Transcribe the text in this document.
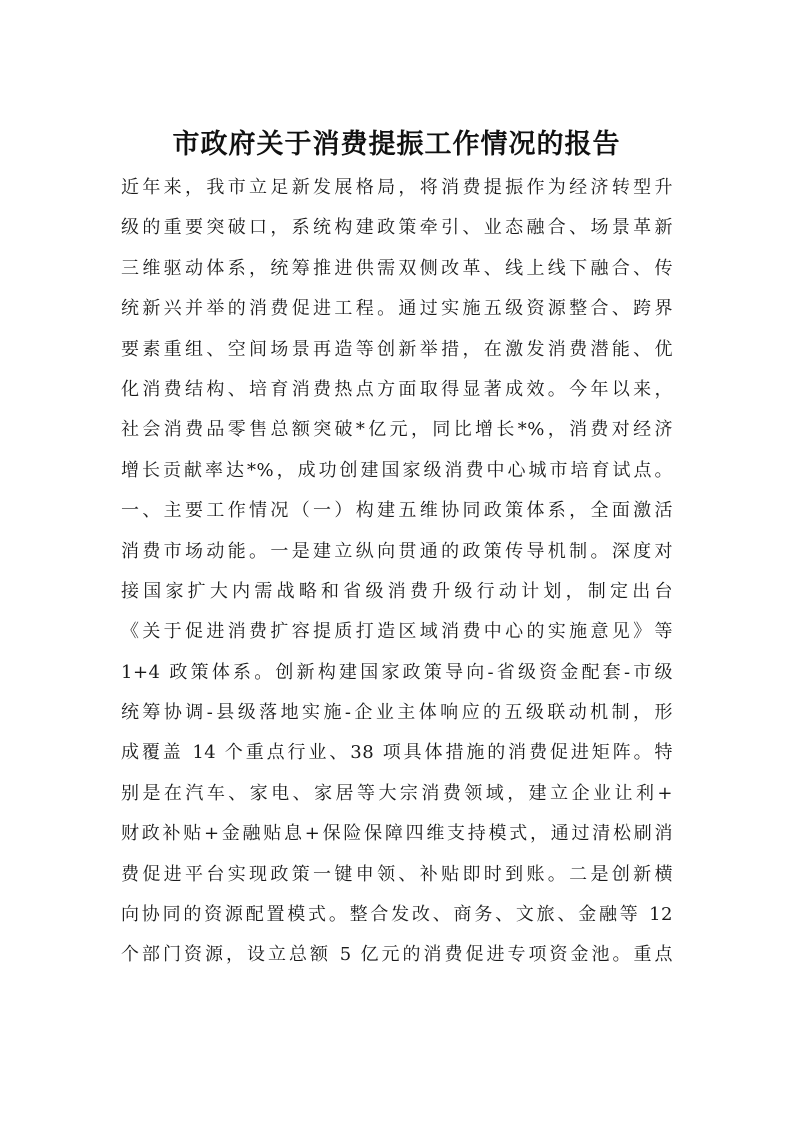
市政府关于消费提振工作情况的报告
近年来，我市立足新发展格局，将消费提振作为经济转型升
级的重要突破口，系统构建政策牵引、业态融合、场景革新
三维驱动体系，统筹推进供需双侧改革、线上线下融合、传
统新兴并举的消费促进工程。通过实施五级资源整合、跨界
要素重组、空间场景再造等创新举措，在激发消费潜能、优
化消费结构、培育消费热点方面取得显著成效。今年以来，
社会消费品零售总额突破*亿元，同比增长*%，消费对经济
增长贡献率达*%，成功创建国家级消费中心城市培育试点。
一、主要工作情况（一）构建五维协同政策体系，全面激活
消费市场动能。一是建立纵向贯通的政策传导机制。深度对
接国家扩大内需战略和省级消费升级行动计划，制定出台
《关于促进消费扩容提质打造区域消费中心的实施意见》等
1+4 政策体系。创新构建国家政策导向-省级资金配套-市级
统筹协调-县级落地实施-企业主体响应的五级联动机制，形
成覆盖 14 个重点行业、38 项具体措施的消费促进矩阵。特
别是在汽车、家电、家居等大宗消费领域，建立企业让利+
财政补贴+金融贴息+保险保障四维支持模式，通过清松刷消
费促进平台实现政策一键申领、补贴即时到账。二是创新横
向协同的资源配置模式。整合发改、商务、文旅、金融等 12
个部门资源，设立总额 5 亿元的消费促进专项资金池。重点
